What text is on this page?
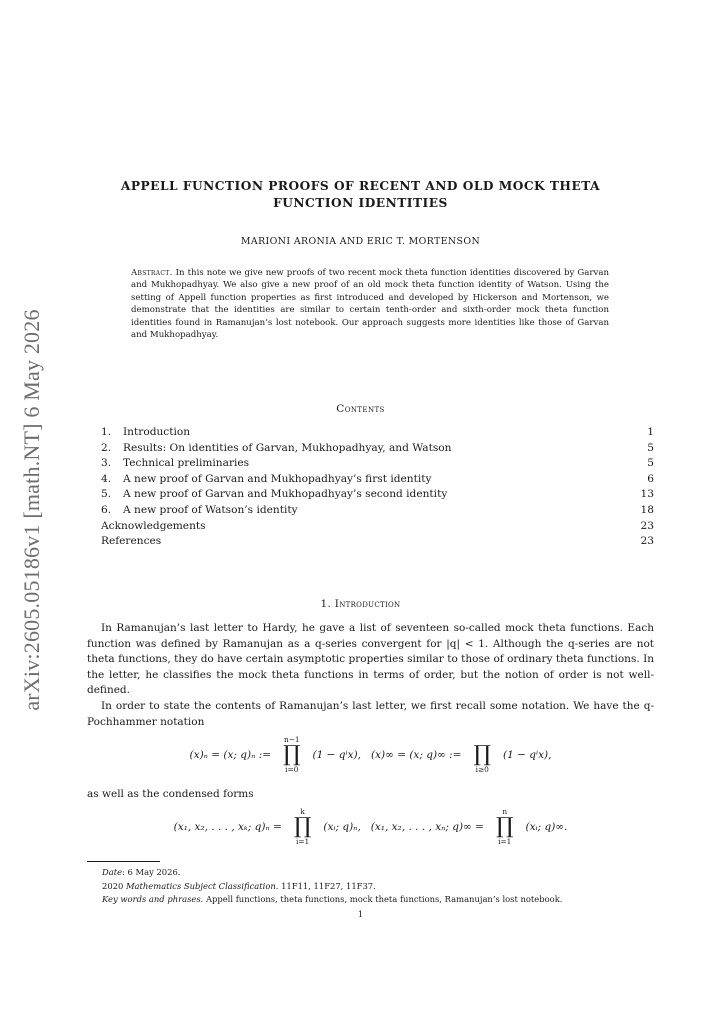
arXiv:2605.05186v1 [math.NT] 6 May 2026
APPELL FUNCTION PROOFS OF RECENT AND OLD MOCK THETA
FUNCTION IDENTITIES
MARIONI ARONIA AND ERIC T. MORTENSON
Abstract. In this note we give new proofs of two recent mock theta function identities discovered by Garvan and Mukhopadhyay. We also give a new proof of an old mock theta function identity of Watson. Using the setting of Appell function properties as first introduced and developed by Hickerson and Mortenson, we demonstrate that the identities are similar to certain tenth-order and sixth-order mock theta function identities found in Ramanujan’s lost notebook. Our approach suggests more identities like those of Garvan and Mukhopadhyay.
Contents
1. Introduction	1
2. Results: On identities of Garvan, Mukhopadhyay, and Watson	5
3. Technical preliminaries	5
4. A new proof of Garvan and Mukhopadhyay’s first identity	6
5. A new proof of Garvan and Mukhopadhyay’s second identity	13
6. A new proof of Watson’s identity	18
Acknowledgements	23
References	23
1. Introduction

In Ramanujan’s last letter to Hardy, he gave a list of seventeen so-called mock theta functions. Each function was defined by Ramanujan as a q-series convergent for |q| < 1. Although the q-series are not theta functions, they do have certain asymptotic properties similar to those of ordinary theta functions. In the letter, he classifies the mock theta functions in terms of order, but the notion of order is not well-defined.

In order to state the contents of Ramanujan’s last letter, we first recall some notation. We have the q-Pochhammer notation

(x)ₙ = (x; q)ₙ :=
n−1
∏
i=0
(1 − qⁱx), (x)∞ = (x; q)∞ :=
∏
i≥0
(1 − qⁱx),
as well as the condensed forms
(x₁, x₂, . . . , xₖ; q)ₙ =
k
∏
i=1
(xᵢ; q)ₙ, (x₁, x₂, . . . , xₙ; q)∞ =
n
∏
i=1
(xᵢ; q)∞.
Date: 6 May 2026.
2020 Mathematics Subject Classification. 11F11, 11F27, 11F37.
Key words and phrases. Appell functions, theta functions, mock theta functions, Ramanujan’s lost notebook.
1
